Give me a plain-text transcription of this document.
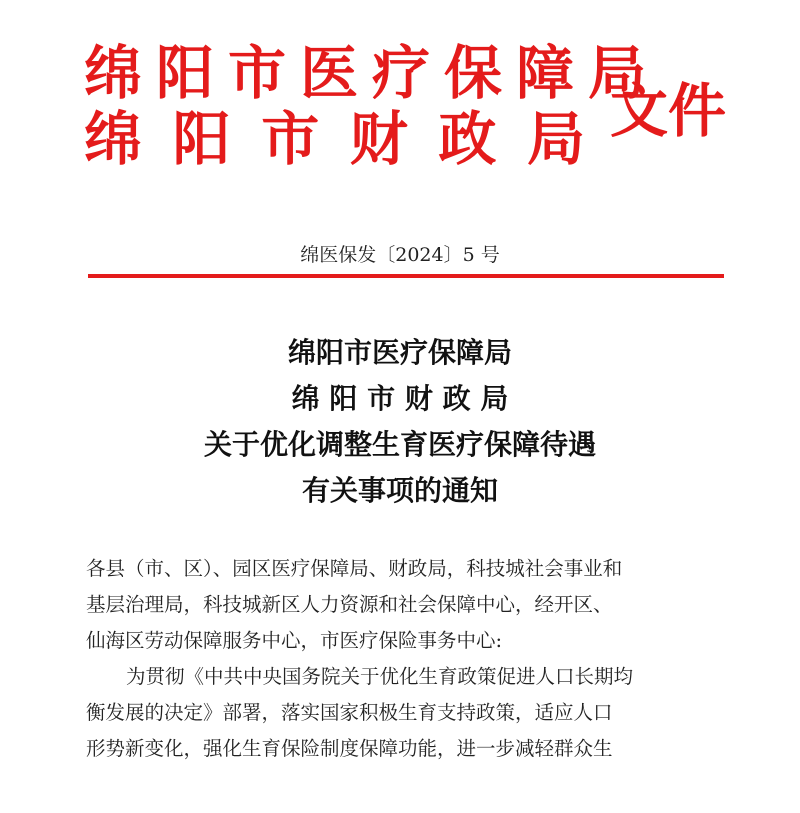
绵阳市医疗保障局
绵 阳 市 财 政 局 文件
绵医保发〔2024〕5 号
绵阳市医疗保障局
绵 阳 市 财 政 局
关于优化调整生育医疗保障待遇
有关事项的通知

各县（市、区）、园区医疗保障局、财政局，科技城社会事业和

基层治理局，科技城新区人力资源和社会保障中心，经开区、

仙海区劳动保障服务中心，市医疗保险事务中心:

为贯彻《中共中央国务院关于优化生育政策促进人口长期均

衡发展的决定》部署，落实国家积极生育支持政策，适应人口

形势新变化，强化生育保险制度保障功能，进一步减轻群众生
